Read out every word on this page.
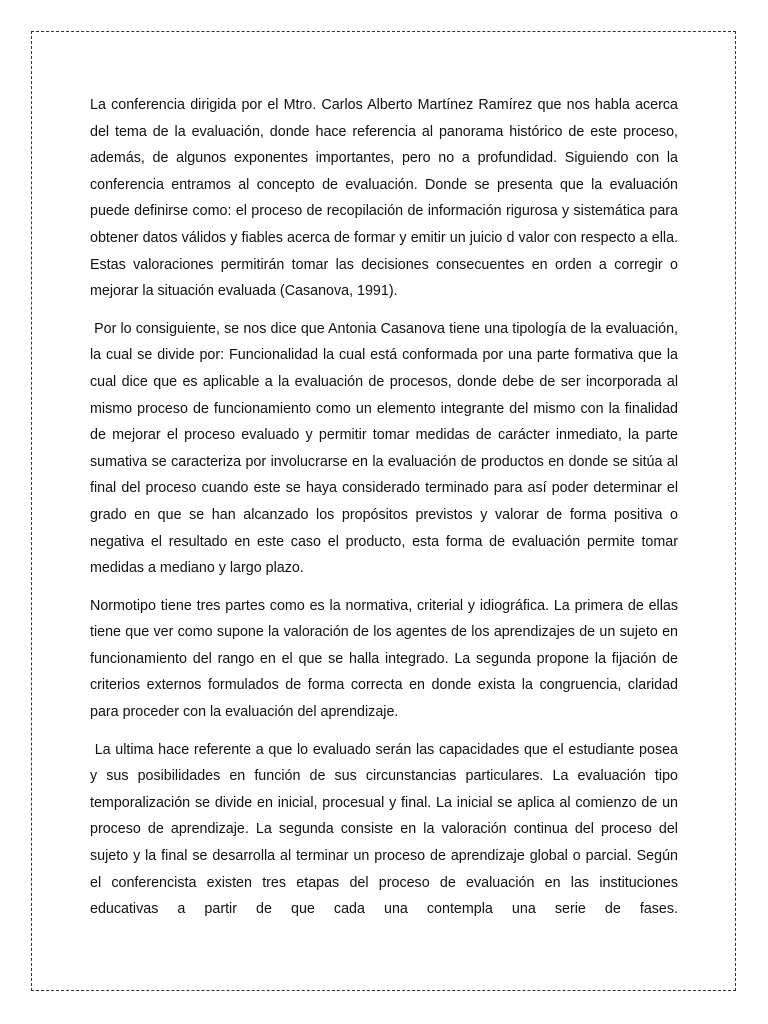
La conferencia dirigida por el Mtro. Carlos Alberto Martínez Ramírez que nos habla acerca del tema de la evaluación, donde hace referencia al panorama histórico de este proceso, además, de algunos exponentes importantes, pero no a profundidad. Siguiendo con la conferencia entramos al concepto de evaluación. Donde se presenta que la evaluación puede definirse como: el proceso de recopilación de información rigurosa y sistemática para obtener datos válidos y fiables acerca de formar y emitir un juicio d valor con respecto a ella. Estas valoraciones permitirán tomar las decisiones consecuentes en orden a corregir o mejorar la situación evaluada (Casanova, 1991).

Por lo consiguiente, se nos dice que Antonia Casanova tiene una tipología de la evaluación, la cual se divide por: Funcionalidad la cual está conformada por una parte formativa que la cual dice que es aplicable a la evaluación de procesos, donde debe de ser incorporada al mismo proceso de funcionamiento como un elemento integrante del mismo con la finalidad de mejorar el proceso evaluado y permitir tomar medidas de carácter inmediato, la parte sumativa se caracteriza por involucrarse en la evaluación de productos en donde se sitúa al final del proceso cuando este se haya considerado terminado para así poder determinar el grado en que se han alcanzado los propósitos previstos y valorar de forma positiva o negativa el resultado en este caso el producto, esta forma de evaluación permite tomar medidas a mediano y largo plazo.

Normotipo tiene tres partes como es la normativa, criterial y idiográfica. La primera de ellas tiene que ver como supone la valoración de los agentes de los aprendizajes de un sujeto en funcionamiento del rango en el que se halla integrado. La segunda propone la fijación de criterios externos formulados de forma correcta en donde exista la congruencia, claridad para proceder con la evaluación del aprendizaje.

La ultima hace referente a que lo evaluado serán las capacidades que el estudiante posea y sus posibilidades en función de sus circunstancias particulares. La evaluación tipo temporalización se divide en inicial, procesual y final. La inicial se aplica al comienzo de un proceso de aprendizaje. La segunda consiste en la valoración continua del proceso del sujeto y la final se desarrolla al terminar un proceso de aprendizaje global o parcial. Según el conferencista existen tres etapas del proceso de evaluación en las instituciones educativas a partir de que cada una contempla una serie de fases.
